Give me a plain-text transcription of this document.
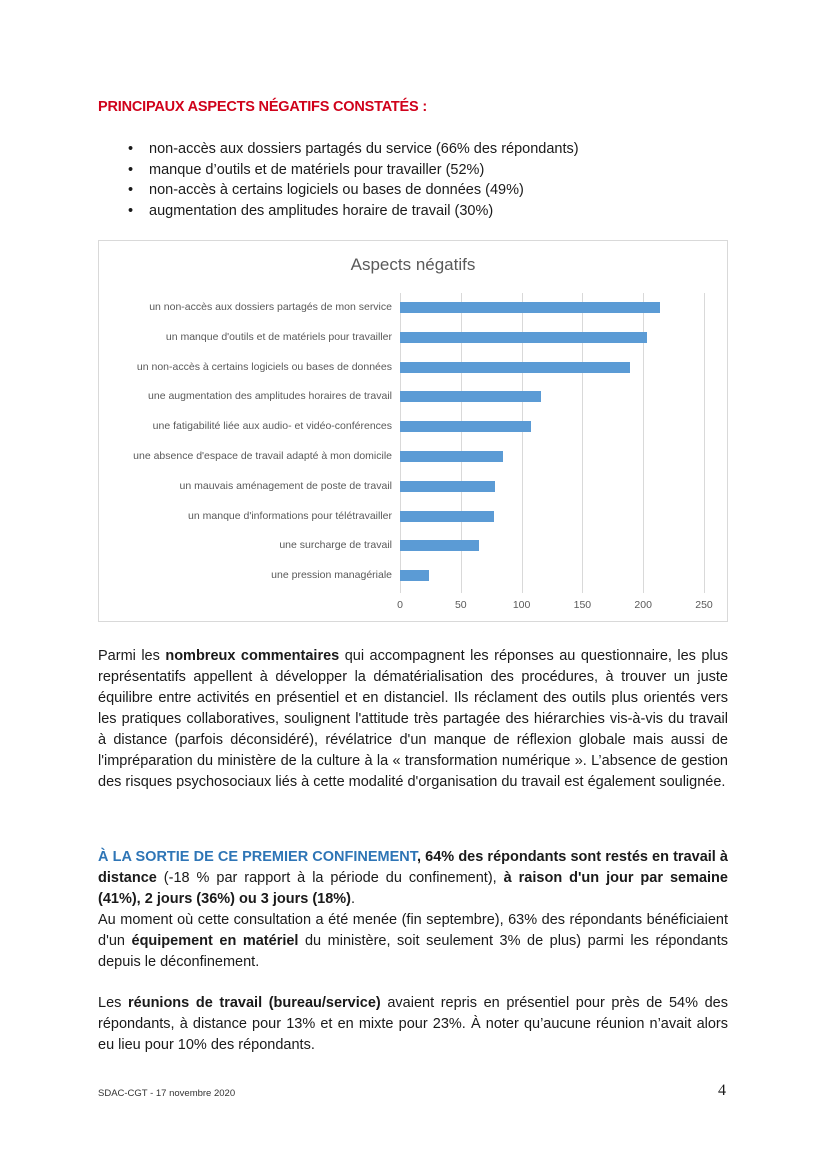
PRINCIPAUX ASPECTS NÉGATIFS CONSTATÉS :
• non-accès aux dossiers partagés du service (66% des répondants)
• manque d’outils et de matériels pour travailler (52%)
• non-accès à certains logiciels ou bases de données (49%)
• augmentation des amplitudes horaire de travail (30%)
Aspects négatifs
un non-accès aux dossiers partagés de mon service
un manque d'outils et de matériels pour travailler
un non-accès à certains logiciels ou bases de données
une augmentation des amplitudes horaires de travail
une fatigabilité liée aux audio- et vidéo-conférences
une absence d'espace de travail adapté à mon domicile
un mauvais aménagement de poste de travail
un manque d'informations pour télétravailler
une surcharge de travail
une pression managériale
0	50	100	150	200	250
Parmi les nombreux commentaires qui accompagnent les réponses au questionnaire, les plus représentatifs appellent à développer la dématérialisation des procédures, à trouver un juste équilibre entre activités en présentiel et en distanciel. Ils réclament des outils plus orientés vers les pratiques collaboratives, soulignent l'attitude très partagée des hiérarchies vis-à-vis du travail à distance (parfois déconsidéré), révélatrice d'un manque de réflexion globale mais aussi de l'impréparation du ministère de la culture à la « transformation numérique ». L’absence de gestion des risques psychosociaux liés à cette modalité d'organisation du travail est également soulignée.
À LA SORTIE DE CE PREMIER CONFINEMENT, 64% des répondants sont restés en travail à distance (-18 % par rapport à la période du confinement), à raison d'un jour par semaine (41%), 2 jours (36%) ou 3 jours (18%).
Au moment où cette consultation a été menée (fin septembre), 63% des répondants bénéficiaient d'un équipement en matériel du ministère, soit seulement 3% de plus) parmi les répondants depuis le déconfinement.
Les réunions de travail (bureau/service) avaient repris en présentiel pour près de 54% des répondants, à distance pour 13% et en mixte pour 23%. À noter qu’aucune réunion n’avait alors eu lieu pour 10% des répondants.
SDAC-CGT - 17 novembre 2020	4
